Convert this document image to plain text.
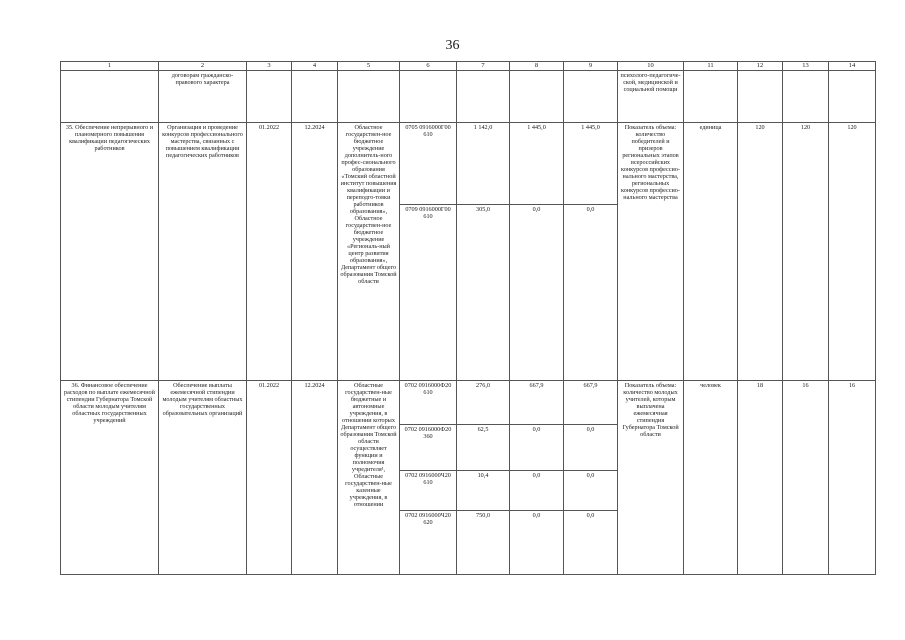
36
1	2	3	4	5	6	7	8	9	10	11	12	13	14
	договорам гражданско-правового характера								психолого-педагогиче-ской, медицинской и социальной помощи				
35. Обеспечение непрерывного и планомерного повышения квалификации педагогических работников	Организация и проведение конкурсов профессионального мастерства, связанных с повышением квалификации педагогических работников	01.2022	12.2024	Областное государствен-ное бюджетное учреждение дополнитель-ного профес-сионального образования «Томский областной институт повышения квалификации и переподго-товки работников образования», Областное государствен-ное бюджетное учреждение «Региональ-ный центр развития образования», Департамент общего образования Томской области	0705 0916000Г00 610	1 142,0	1 445,0	1 445,0	Показатель объема: количество победителей и призеров региональных этапов всероссийских конкурсов профессио-нального мастерства, региональных конкурсов профессио-нального мастерства	единица	120	120	120
					0709 0916000Г00 610	305,0	0,0	0,0					
36. Финансовое обеспечение расходов по выплате ежемесячной стипендии Губернатора Томской области молодым учителям областных государственных учреждений	Обеспечение выплаты ежемесячной стипендии молодым учителям областных государственных образовательных организаций	01.2022	12.2024	Областные государствен-ные бюджетные и автономные учреждения, в отношении которых Департамент общего образования Томской области осуществляет функции и полномочия учредителя¹, Областные государствен-ные казенные учреждения, в отношении	0702 0916000Ф20 610	276,0	667,9	667,9	Показатель объема: количество молодых учителей, которым выплачена ежемесячная стипендия Губернатора Томской области	человек	18	16	16
					0702 0916000Ф20 360	62,5	0,0	0,0					
					0702 0916000Ч20 610	10,4	0,0	0,0					
					0702 0916000Ч20 620	750,0	0,0	0,0					
